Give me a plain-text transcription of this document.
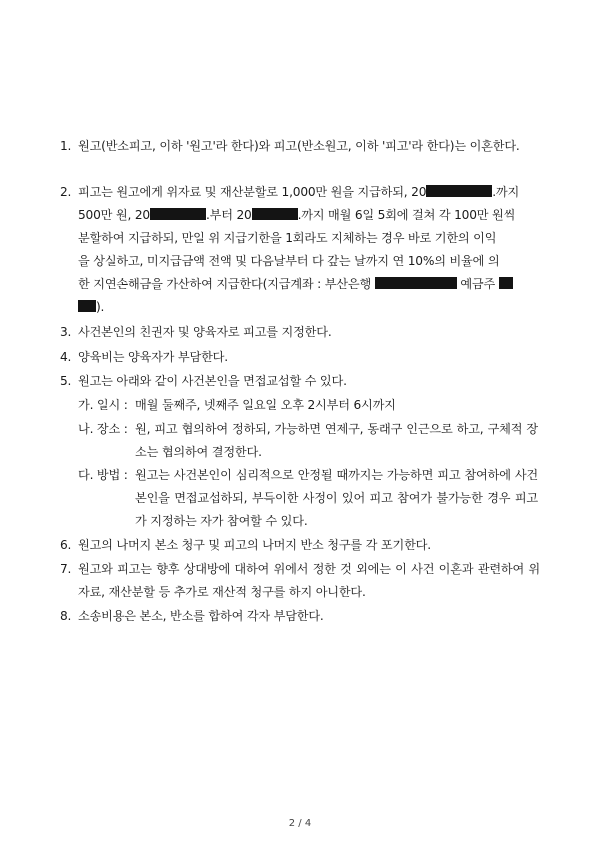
1. 원고(반소피고, 이하 '원고'라 한다)와 피고(반소원고, 이하 '피고'라 한다)는 이혼한다.
2. 피고는 원고에게 위자료 및 재산분할로 1,000만 원을 지급하되, 20	.까지
500만 원, 20	.부터 20	.까지 매월 6일 5회에 걸쳐 각 100만 원씩
분할하여 지급하되, 만일 위 지급기한을 1회라도 지체하는 경우 바로 기한의 이익
을 상실하고, 미지급금액 전액 및 다음날부터 다 갚는 날까지 연 10%의 비율에 의
한 지연손해금을 가산하여 지급한다(지급계좌 : 부산은행	예금주
).
3. 사건본인의 친권자 및 양육자로 피고를 지정한다.
4. 양육비는 양육자가 부담한다.
5. 원고는 아래와 같이 사건본인을 면접교섭할 수 있다.
가. 일시 : 매월 둘째주, 넷째주 일요일 오후 2시부터 6시까지
나. 장소 : 원, 피고 협의하여 정하되, 가능하면 연제구, 동래구 인근으로 하고, 구체적 장소는 협의하여 결정한다.
다. 방법 : 원고는 사건본인이 심리적으로 안정될 때까지는 가능하면 피고 참여하에 사건본인을 면접교섭하되, 부득이한 사정이 있어 피고 참여가 불가능한 경우 피고가 지정하는 자가 참여할 수 있다.
6. 원고의 나머지 본소 청구 및 피고의 나머지 반소 청구를 각 포기한다.
7. 원고와 피고는 향후 상대방에 대하여 위에서 정한 것 외에는 이 사건 이혼과 관련하여 위자료, 재산분할 등 추가로 재산적 청구를 하지 아니한다.
8. 소송비용은 본소, 반소를 합하여 각자 부담한다.
2 / 4
